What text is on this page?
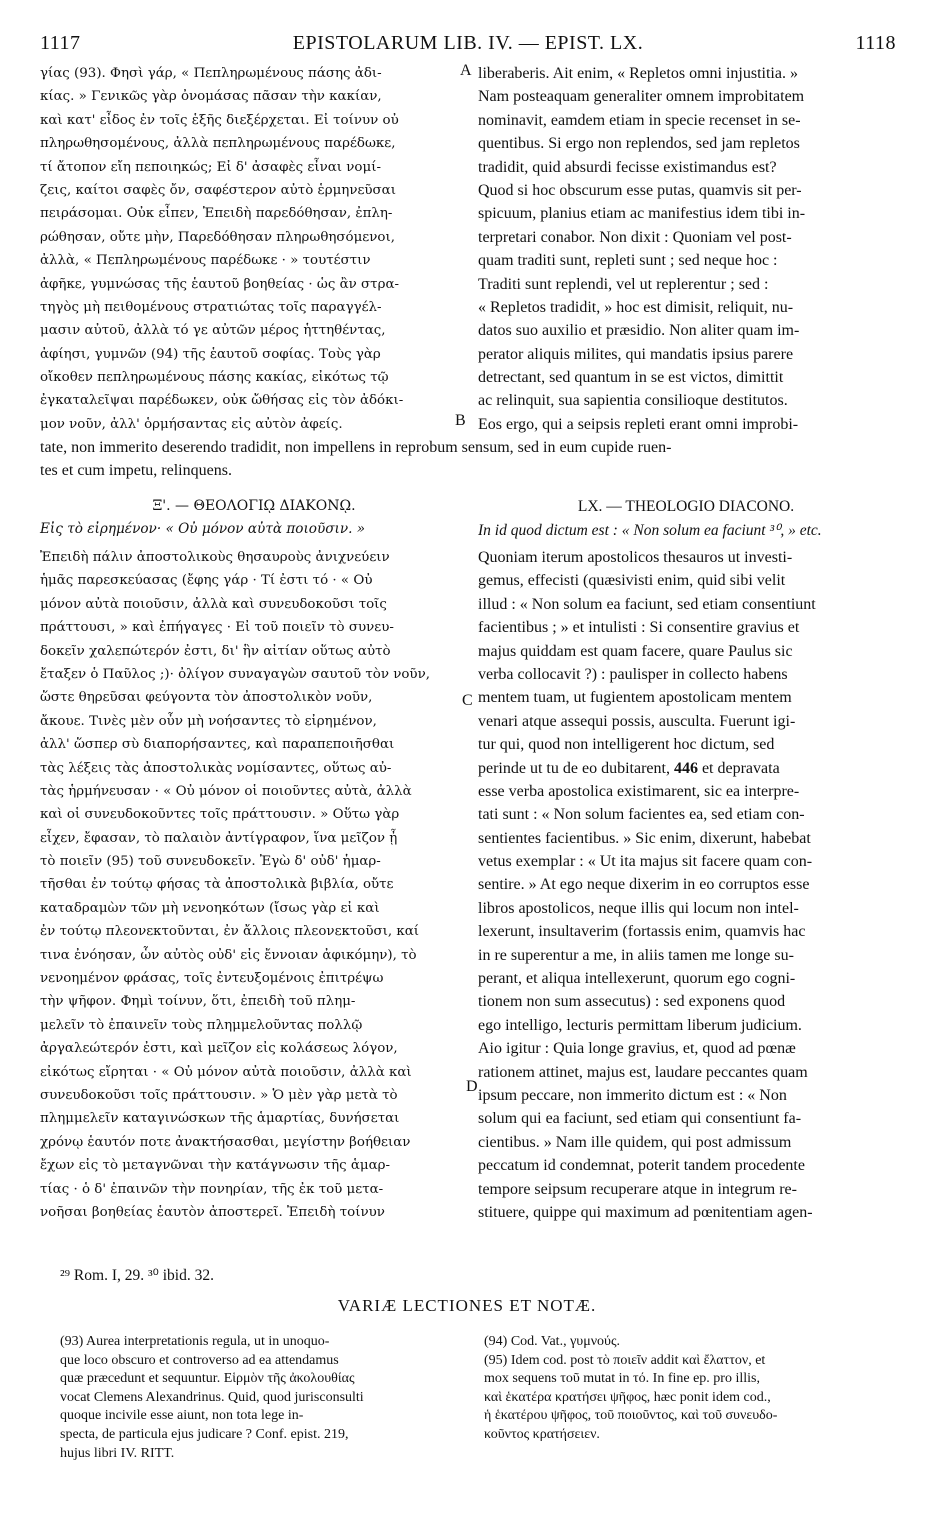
1117	EPISTOLARUM LIB. IV. — EPIST. LX.	1118
A
B
C
D
γίας (93). Φησὶ γάρ, « Πεπληρωμένους πάσης ἀδι-
κίας. » Γενικῶς γὰρ ὀνομάσας πᾶσαν τὴν κακίαν,
καὶ κατ' εἶδος ἐν τοῖς ἑξῆς διεξέρχεται. Εἰ τοίνυν οὐ
πληρωθησομένους, ἀλλὰ πεπληρωμένους παρέδωκε,
τί ἄτοπον εἴη πεποιηκώς; Εἰ δ' ἀσαφὲς εἶναι νομί-
ζεις, καίτοι σαφὲς ὄν, σαφέστερον αὐτὸ ἑρμηνεῦσαι
πειράσομαι. Οὐκ εἶπεν, Ἐπειδὴ παρεδόθησαν, ἐπλη-
ρώθησαν, οὔτε μὴν, Παρεδόθησαν πληρωθησόμενοι,
ἀλλὰ, « Πεπληρωμένους παρέδωκε · » τουτέστιν
ἀφῆκε, γυμνώσας τῆς ἑαυτοῦ βοηθείας · ὡς ἂν στρα-
τηγὸς μὴ πειθομένους στρατιώτας τοῖς παραγγέλ-
μασιν αὐτοῦ, ἀλλὰ τό γε αὐτῶν μέρος ἡττηθέντας,
ἀφίησι, γυμνῶν (94) τῆς ἑαυτοῦ σοφίας. Τοὺς γὰρ
οἴκοθεν πεπληρωμένους πάσης κακίας, εἰκότως τῷ
ἐγκαταλεῖψαι παρέδωκεν, οὐκ ὤθήσας εἰς τὸν ἀδόκι-
μον νοῦν, ἀλλ' ὁρμήσαντας εἰς αὐτὸν ἀφείς.
liberaberis. Ait enim, « Repletos omni injustitia. »
Nam posteaquam generaliter omnem improbitatem
nominavit, eamdem etiam in specie recenset in se-
quentibus. Si ergo non replendos, sed jam repletos
tradidit, quid absurdi fecisse existimandus est?
Quod si hoc obscurum esse putas, quamvis sit per-
spicuum, planius etiam ac manifestius idem tibi in-
terpretari conabor. Non dixit : Quoniam vel post-
quam traditi sunt, repleti sunt ; sed neque hoc :
Traditi sunt replendi, vel ut replerentur ; sed :
« Repletos tradidit, » hoc est dimisit, reliquit, nu-
datos suo auxilio et præsidio. Non aliter quam im-
perator aliquis milites, qui mandatis ipsius parere
detrectant, sed quantum in se est victos, dimittit
ac relinquit, sua sapientia consilioque destitutos.
Eos ergo, qui a seipsis repleti erant omni improbi-
tate, non immerito deserendo tradidit, non impellens in reprobum sensum, sed in eum cupide ruen-
tes et cum impetu, relinquens.
Ξ'. — ΘΕΟΛΟΓΙῼ ΔΙΑΚΟΝῼ.	LX. — THEOLOGIO DIACONO.
Εἰς τὸ εἰρημένον· « Οὐ μόνον αὐτὰ ποιοῦσιν. »	In id quod dictum est : « Non solum ea faciunt ³⁰, » etc.
Ἐπειδὴ πάλιν ἀποστολικοὺς θησαυροὺς ἀνιχνεύειν
ἡμᾶς παρεσκεύασας (ἔφης γάρ · Τί ἐστι τό · « Οὐ
μόνον αὐτὰ ποιοῦσιν, ἀλλὰ καὶ συνευδοκοῦσι τοῖς
πράττουσι, » καὶ ἐπήγαγες · Εἰ τοῦ ποιεῖν τὸ συνευ-
δοκεῖν χαλεπώτερόν ἐστι, δι' ἣν αἰτίαν οὕτως αὐτὸ
ἔταξεν ὁ Παῦλος ;)· ὀλίγον συναγαγὼν σαυτοῦ τὸν νοῦν,
ὥστε θηρεῦσαι φεύγοντα τὸν ἀποστολικὸν νοῦν,
ἄκουε. Τινὲς μὲν οὖν μὴ νοήσαντες τὸ εἰρημένον,
ἀλλ' ὥσπερ σὺ διαπορήσαντες, καὶ παραπεποιῆσθαι
τὰς λέξεις τὰς ἀποστολικὰς νομίσαντες, οὕτως αὐ-
τὰς ἡρμήνευσαν · « Οὐ μόνον οἱ ποιοῦντες αὐτὰ, ἀλλὰ
καὶ οἱ συνευδοκοῦντες τοῖς πράττουσιν. » Οὕτω γὰρ
εἶχεν, ἔφασαν, τὸ παλαιὸν ἀντίγραφον, ἵνα μεῖζον ᾖ
τὸ ποιεῖν (95) τοῦ συνευδοκεῖν. Ἐγὼ δ' οὐδ' ἡμαρ-
τῆσθαι ἐν τούτῳ φήσας τὰ ἀποστολικὰ βιβλία, οὔτε
καταδραμὼν τῶν μὴ νενοηκότων (ἴσως γὰρ εἰ καὶ
ἐν τούτῳ πλεονεκτοῦνται, ἐν ἄλλοις πλεονεκτοῦσι, καί
τινα ἐνόησαν, ὧν αὐτὸς οὐδ' εἰς ἔννοιαν ἀφικόμην), τὸ
νενοημένον φράσας, τοῖς ἐντευξομένοις ἐπιτρέψω
τὴν ψῆφον. Φημὶ τοίνυν, ὅτι, ἐπειδὴ τοῦ πλημ-
μελεῖν τὸ ἐπαινεῖν τοὺς πλημμελοῦντας πολλῷ
ἀργαλεώτερόν ἐστι, καὶ μεῖζον εἰς κολάσεως λόγον,
εἰκότως εἴρηται · « Οὐ μόνον αὐτὰ ποιοῦσιν, ἀλλὰ καὶ
συνευδοκοῦσι τοῖς πράττουσιν. » Ὁ μὲν γὰρ μετὰ τὸ
πλημμελεῖν καταγινώσκων τῆς ἁμαρτίας, δυνήσεται
χρόνῳ ἑαυτόν ποτε ἀνακτήσασθαι, μεγίστην βοήθειαν
ἔχων εἰς τὸ μεταγνῶναι τὴν κατάγνωσιν τῆς ἁμαρ-
τίας · ὁ δ' ἐπαινῶν τὴν πονηρίαν, τῆς ἐκ τοῦ μετα-
νοῆσαι βοηθείας ἑαυτὸν ἀποστερεῖ. Ἐπειδὴ τοίνυν
Quoniam iterum apostolicos thesauros ut investi-
gemus, effecisti (quæsivisti enim, quid sibi velit
illud : « Non solum ea faciunt, sed etiam consentiunt
facientibus ; » et intulisti : Si consentire gravius et
majus quiddam est quam facere, quare Paulus sic
verba collocavit ?) : paulisper in collecto habens
mentem tuam, ut fugientem apostolicam mentem
venari atque assequi possis, ausculta. Fuerunt igi-
tur qui, quod non intelligerent hoc dictum, sed
perinde ut tu de eo dubitarent, 446 et depravata
esse verba apostolica existimarent, sic ea interpre-
tati sunt : « Non solum facientes ea, sed etiam con-
sentientes facientibus. » Sic enim, dixerunt, habebat
vetus exemplar : « Ut ita majus sit facere quam con-
sentire. » At ego neque dixerim in eo corruptos esse
libros apostolicos, neque illis qui locum non intel-
lexerunt, insultaverim (fortassis enim, quamvis hac
in re superentur a me, in aliis tamen me longe su-
perant, et aliqua intellexerunt, quorum ego cogni-
tionem non sum assecutus) : sed exponens quod
ego intelligo, lecturis permittam liberum judicium.
Aio igitur : Quia longe gravius, et, quod ad pœnæ
rationem attinet, majus est, laudare peccantes quam
ipsum peccare, non immerito dictum est : « Non
solum qui ea faciunt, sed etiam qui consentiunt fa-
cientibus. » Nam ille quidem, qui post admissum
peccatum id condemnat, poterit tandem procedente
tempore seipsum recuperare atque in integrum re-
stituere, quippe qui maximum ad pœnitentiam agen-
²⁹ Rom. I, 29. ³⁰ ibid. 32.
VARIÆ LECTIONES ET NOTÆ.
(93) Aurea interpretationis regula, ut in unoquo-
que loco obscuro et controverso ad ea attendamus
quæ præcedunt et sequuntur. Εἱρμὸν τῆς ἀκολουθίας
vocat Clemens Alexandrinus. Quid, quod jurisconsulti
quoque incivile esse aiunt, non tota lege in-
specta, de particula ejus judicare ? Conf. epist. 219,
hujus libri IV. RITT.
(94) Cod. Vat., γυμνούς.
(95) Idem cod. post τὸ ποιεῖν addit καὶ ἔλαττον, et
mox sequens τοῦ mutat in τό. In fine ep. pro illis,
καὶ ἑκατέρα κρατήσει ψῆφος, hæc ponit idem cod.,
ἡ ἑκατέρου ψῆφος, τοῦ ποιοῦντος, καὶ τοῦ συνευδο-
κοῦντος κρατήσειεν.
